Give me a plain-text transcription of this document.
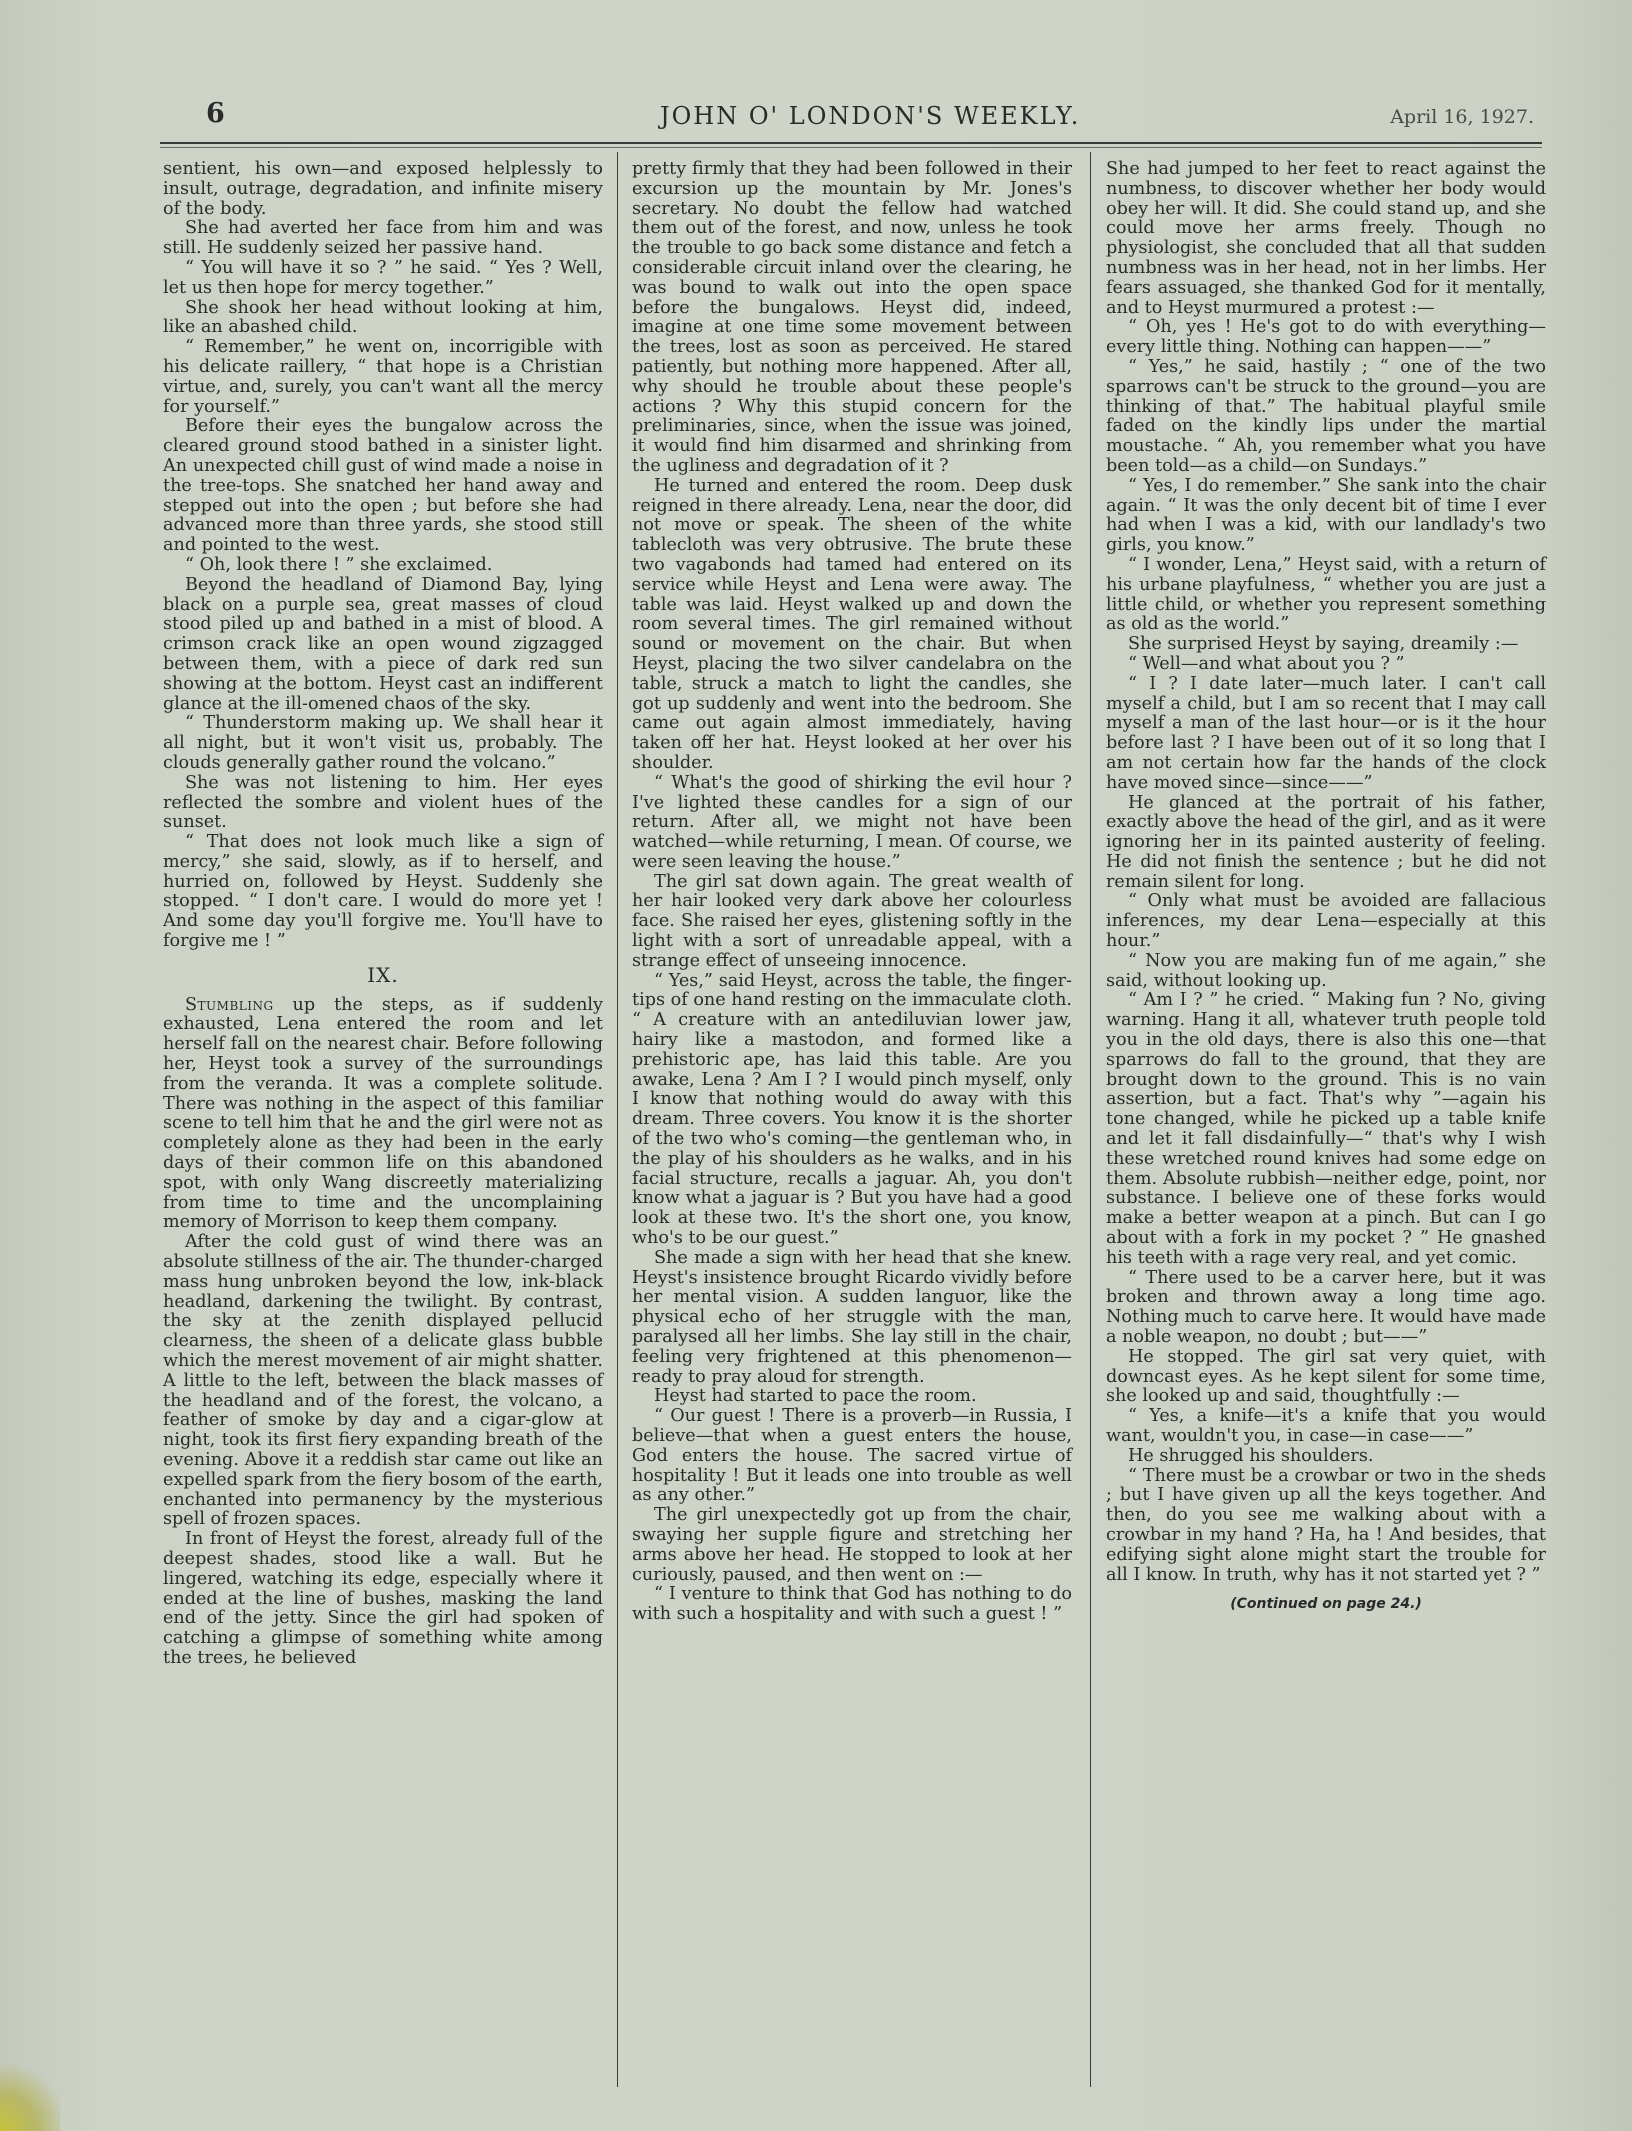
6	JOHN O' LONDON'S WEEKLY.	April 16, 1927.

sentient, his own—and exposed helplessly to insult, outrage, degradation, and infinite misery of the body.

She had averted her face from him and was still. He suddenly seized her passive hand.

“ You will have it so ? ” he said. “ Yes ? Well, let us then hope for mercy together.”

She shook her head without looking at him, like an abashed child.

“ Remember,” he went on, incorrigible with his delicate raillery, “ that hope is a Christian virtue, and, surely, you can't want all the mercy for yourself.”

Before their eyes the bungalow across the cleared ground stood bathed in a sinister light. An unexpected chill gust of wind made a noise in the tree-tops. She snatched her hand away and stepped out into the open ; but before she had advanced more than three yards, she stood still and pointed to the west.

“ Oh, look there ! ” she exclaimed.

Beyond the headland of Diamond Bay, lying black on a purple sea, great masses of cloud stood piled up and bathed in a mist of blood. A crimson crack like an open wound zigzagged between them, with a piece of dark red sun showing at the bottom. Heyst cast an indifferent glance at the ill-omened chaos of the sky.

“ Thunderstorm making up. We shall hear it all night, but it won't visit us, probably. The clouds generally gather round the volcano.”

She was not listening to him. Her eyes reflected the sombre and violent hues of the sunset.

“ That does not look much like a sign of mercy,” she said, slowly, as if to herself, and hurried on, followed by Heyst. Suddenly she stopped. “ I don't care. I would do more yet ! And some day you'll forgive me. You'll have to forgive me ! ”

IX.

Stumbling up the steps, as if suddenly exhausted, Lena entered the room and let herself fall on the nearest chair. Before following her, Heyst took a survey of the surroundings from the veranda. It was a complete solitude. There was nothing in the aspect of this familiar scene to tell him that he and the girl were not as completely alone as they had been in the early days of their common life on this abandoned spot, with only Wang discreetly materializing from time to time and the uncomplaining memory of Morrison to keep them company.

After the cold gust of wind there was an absolute stillness of the air. The thunder-charged mass hung unbroken beyond the low, ink-black headland, darkening the twilight. By contrast, the sky at the zenith displayed pellucid clearness, the sheen of a delicate glass bubble which the merest movement of air might shatter. A little to the left, between the black masses of the headland and of the forest, the volcano, a feather of smoke by day and a cigar-glow at night, took its first fiery expanding breath of the evening. Above it a reddish star came out like an expelled spark from the fiery bosom of the earth, enchanted into permanency by the mysterious spell of frozen spaces.

In front of Heyst the forest, already full of the deepest shades, stood like a wall. But he lingered, watching its edge, especially where it ended at the line of bushes, masking the land end of the jetty. Since the girl had spoken of catching a glimpse of something white among the trees, he believed

pretty firmly that they had been followed in their excursion up the mountain by Mr. Jones's secretary. No doubt the fellow had watched them out of the forest, and now, unless he took the trouble to go back some distance and fetch a considerable circuit inland over the clearing, he was bound to walk out into the open space before the bungalows. Heyst did, indeed, imagine at one time some movement between the trees, lost as soon as perceived. He stared patiently, but nothing more happened. After all, why should he trouble about these people's actions ? Why this stupid concern for the preliminaries, since, when the issue was joined, it would find him disarmed and shrinking from the ugliness and degradation of it ?

He turned and entered the room. Deep dusk reigned in there already. Lena, near the door, did not move or speak. The sheen of the white tablecloth was very obtrusive. The brute these two vagabonds had tamed had entered on its service while Heyst and Lena were away. The table was laid. Heyst walked up and down the room several times. The girl remained without sound or movement on the chair. But when Heyst, placing the two silver candelabra on the table, struck a match to light the candles, she got up suddenly and went into the bedroom. She came out again almost immediately, having taken off her hat. Heyst looked at her over his shoulder.

“ What's the good of shirking the evil hour ? I've lighted these candles for a sign of our return. After all, we might not have been watched—while returning, I mean. Of course, we were seen leaving the house.”

The girl sat down again. The great wealth of her hair looked very dark above her colourless face. She raised her eyes, glistening softly in the light with a sort of unreadable appeal, with a strange effect of unseeing innocence.

“ Yes,” said Heyst, across the table, the finger-tips of one hand resting on the immaculate cloth. “ A creature with an antediluvian lower jaw, hairy like a mastodon, and formed like a prehistoric ape, has laid this table. Are you awake, Lena ? Am I ? I would pinch myself, only I know that nothing would do away with this dream. Three covers. You know it is the shorter of the two who's coming—the gentleman who, in the play of his shoulders as he walks, and in his facial structure, recalls a jaguar. Ah, you don't know what a jaguar is ? But you have had a good look at these two. It's the short one, you know, who's to be our guest.”

She made a sign with her head that she knew. Heyst's insistence brought Ricardo vividly before her mental vision. A sudden languor, like the physical echo of her struggle with the man, paralysed all her limbs. She lay still in the chair, feeling very frightened at this phenomenon—ready to pray aloud for strength.

Heyst had started to pace the room.

“ Our guest ! There is a proverb—in Russia, I believe—that when a guest enters the house, God enters the house. The sacred virtue of hospitality ! But it leads one into trouble as well as any other.”

The girl unexpectedly got up from the chair, swaying her supple figure and stretching her arms above her head. He stopped to look at her curiously, paused, and then went on :—

“ I venture to think that God has nothing to do with such a hospitality and with such a guest ! ”

She had jumped to her feet to react against the numbness, to discover whether her body would obey her will. It did. She could stand up, and she could move her arms freely. Though no physiologist, she concluded that all that sudden numbness was in her head, not in her limbs. Her fears assuaged, she thanked God for it mentally, and to Heyst murmured a protest :—

“ Oh, yes ! He's got to do with everything—every little thing. Nothing can happen——”

“ Yes,” he said, hastily ; “ one of the two sparrows can't be struck to the ground—you are thinking of that.” The habitual playful smile faded on the kindly lips under the martial moustache. “ Ah, you remember what you have been told—as a child—on Sundays.”

“ Yes, I do remember.” She sank into the chair again. “ It was the only decent bit of time I ever had when I was a kid, with our landlady's two girls, you know.”

“ I wonder, Lena,” Heyst said, with a return of his urbane playfulness, “ whether you are just a little child, or whether you represent something as old as the world.”

She surprised Heyst by saying, dreamily :—

“ Well—and what about you ? ”

“ I ? I date later—much later. I can't call myself a child, but I am so recent that I may call myself a man of the last hour—or is it the hour before last ? I have been out of it so long that I am not certain how far the hands of the clock have moved since—since——”

He glanced at the portrait of his father, exactly above the head of the girl, and as it were ignoring her in its painted austerity of feeling. He did not finish the sentence ; but he did not remain silent for long.

“ Only what must be avoided are fallacious inferences, my dear Lena—especially at this hour.”

“ Now you are making fun of me again,” she said, without looking up.

“ Am I ? ” he cried. “ Making fun ? No, giving warning. Hang it all, whatever truth people told you in the old days, there is also this one—that sparrows do fall to the ground, that they are brought down to the ground. This is no vain assertion, but a fact. That's why ”—again his tone changed, while he picked up a table knife and let it fall disdainfully—“ that's why I wish these wretched round knives had some edge on them. Absolute rubbish—neither edge, point, nor substance. I believe one of these forks would make a better weapon at a pinch. But can I go about with a fork in my pocket ? ” He gnashed his teeth with a rage very real, and yet comic.

“ There used to be a carver here, but it was broken and thrown away a long time ago. Nothing much to carve here. It would have made a noble weapon, no doubt ; but——”

He stopped. The girl sat very quiet, with downcast eyes. As he kept silent for some time, she looked up and said, thoughtfully :—

“ Yes, a knife—it's a knife that you would want, wouldn't you, in case—in case——”

He shrugged his shoulders.

“ There must be a crowbar or two in the sheds ; but I have given up all the keys together. And then, do you see me walking about with a crowbar in my hand ? Ha, ha ! And besides, that edifying sight alone might start the trouble for all I know. In truth, why has it not started yet ? ”

(Continued on page 24.)
